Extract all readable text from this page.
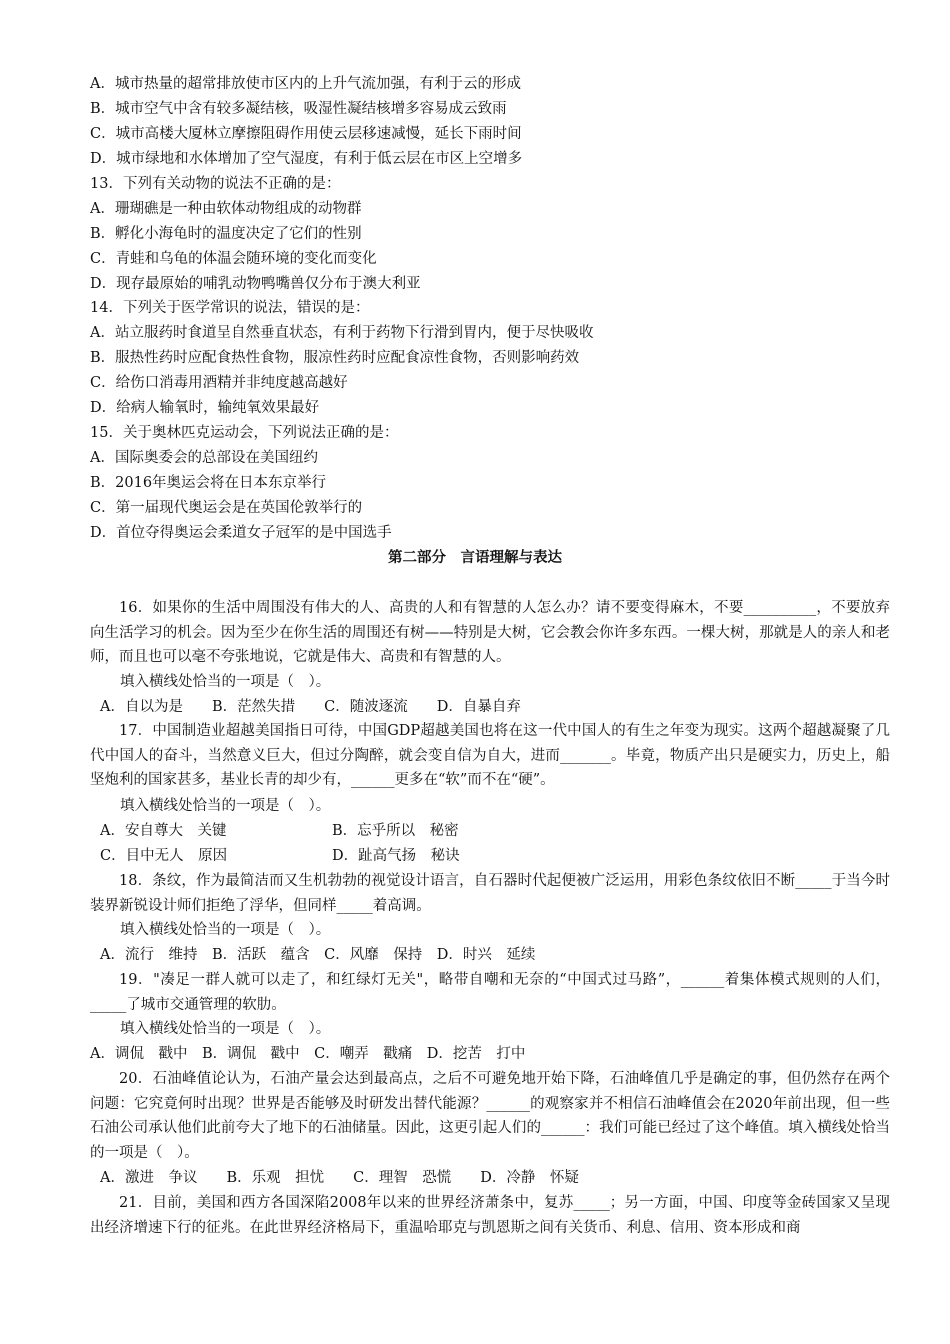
A．城市热量的超常排放使市区内的上升气流加强，有利于云的形成
B．城市空气中含有较多凝结核，吸湿性凝结核增多容易成云致雨
C．城市高楼大厦林立摩擦阻碍作用使云层移速减慢，延长下雨时间
D．城市绿地和水体增加了空气湿度，有利于低云层在市区上空增多
13．下列有关动物的说法不正确的是：
A．珊瑚礁是一种由软体动物组成的动物群
B．孵化小海龟时的温度决定了它们的性别
C．青蛙和乌龟的体温会随环境的变化而变化
D．现存最原始的哺乳动物鸭嘴兽仅分布于澳大利亚
14．下列关于医学常识的说法，错误的是：
A．站立服药时食道呈自然垂直状态，有利于药物下行滑到胃内，便于尽快吸收
B．服热性药时应配食热性食物，服凉性药时应配食凉性食物，否则影响药效
C．给伤口消毒用酒精并非纯度越高越好
D．给病人输氧时，输纯氧效果最好
15．关于奥林匹克运动会，下列说法正确的是：
A．国际奥委会的总部设在美国纽约
B．2016年奥运会将在日本东京举行
C．第一届现代奥运会是在英国伦敦举行的
D．首位夺得奥运会柔道女子冠军的是中国选手
第二部分　言语理解与表达
16．如果你的生活中周围没有伟大的人、高贵的人和有智慧的人怎么办？请不要变得麻木，不要__________，不要放弃向生活学习的机会。因为至少在你生活的周围还有树——特别是大树，它会教会你许多东西。一棵大树，那就是人的亲人和老师，而且也可以毫不夸张地说，它就是伟大、高贵和有智慧的人。
填入横线处恰当的一项是（　）。
A．自以为是　　B．茫然失措　　C．随波逐流　　D．自暴自弃
17．中国制造业超越美国指日可待，中国GDP超越美国也将在这一代中国人的有生之年变为现实。这两个超越凝聚了几代中国人的奋斗，当然意义巨大，但过分陶醉，就会变自信为自大，进而_______。毕竟，物质产出只是硬实力，历史上，船坚炮利的国家甚多，基业长青的却少有，______更多在“软”而不在“硬”。
填入横线处恰当的一项是（　）。
A．安自尊大　关键	B．忘乎所以　秘密
C．目中无人　原因	D．趾高气扬　秘诀
18．条纹，作为最简洁而又生机勃勃的视觉设计语言，自石器时代起便被广泛运用，用彩色条纹依旧不断_____于当今时装界新锐设计师们拒绝了浮华，但同样_____着高调。
填入横线处恰当的一项是（　）。
A．流行　维持　B．活跃　蕴含　C．风靡　保持　D．时兴　延续
19．"凑足一群人就可以走了，和红绿灯无关"，略带自嘲和无奈的“中国式过马路”，______着集体模式规则的人们，_____了城市交通管理的软肋。
填入横线处恰当的一项是（　）。
A．调侃　戳中　B．调侃　戳中　C．嘲弄　戳痛　D．挖苦　打中
20．石油峰值论认为，石油产量会达到最高点，之后不可避免地开始下降，石油峰值几乎是确定的事，但仍然存在两个问题：它究竟何时出现？世界是否能够及时研发出替代能源？______的观察家并不相信石油峰值会在2020年前出现，但一些石油公司承认他们此前夸大了地下的石油储量。因此，这更引起人们的______：我们可能已经过了这个峰值。填入横线处恰当的一项是（　）。
A．激进　争议　　B．乐观　担忧　　C．理智　恐慌　　D．冷静　怀疑
21．目前，美国和西方各国深陷2008年以来的世界经济萧条中，复苏_____；另一方面，中国、印度等金砖国家又呈现出经济增速下行的征兆。在此世界经济格局下，重温哈耶克与凯恩斯之间有关货币、利息、信用、资本形成和商
